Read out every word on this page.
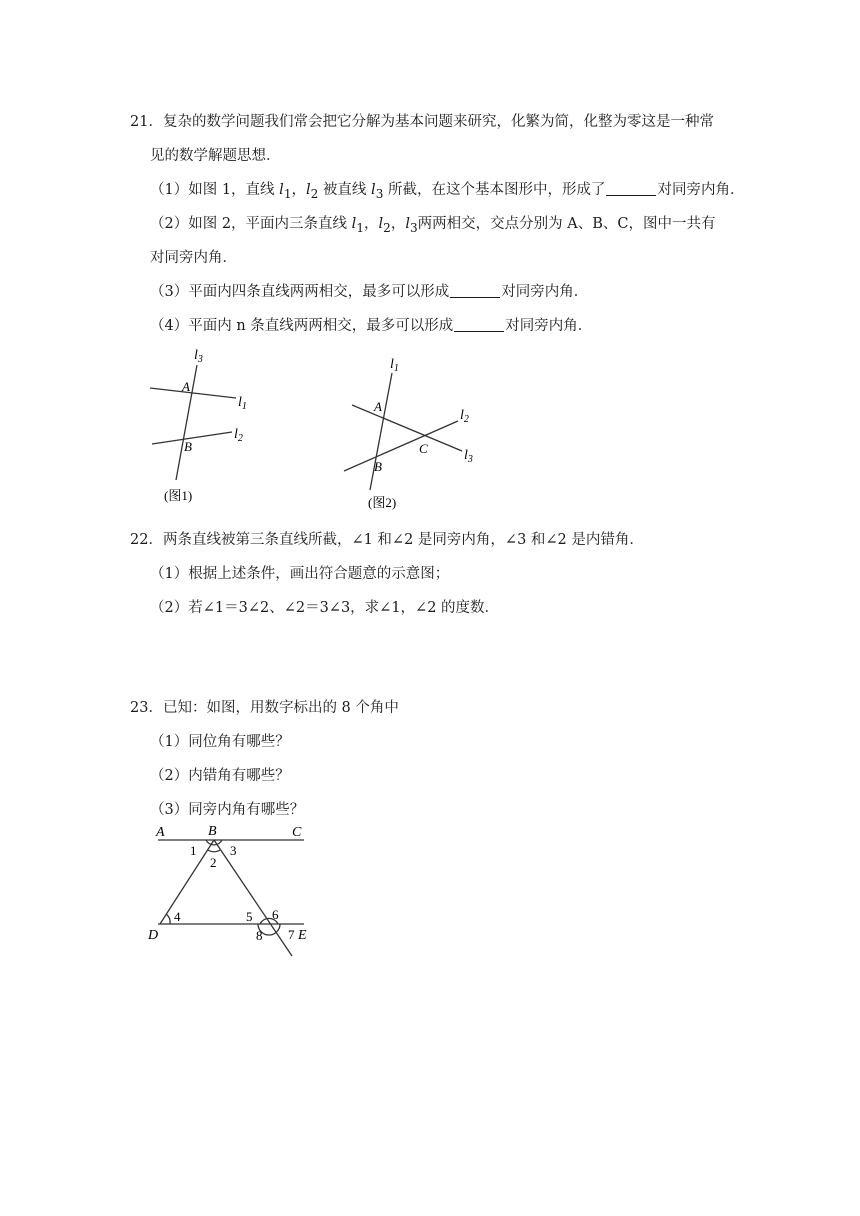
21．复杂的数学问题我们常会把它分解为基本问题来研究，化繁为简，化整为零这是一种常
见的数学解题思想．
（1）如图 1，直线 $l_1$，$l_2$ 被直线 $l_3$ 所截，在这个基本图形中，形成了	对同旁内角．
（2）如图 2，平面内三条直线 $l_1$，$l_2$，$l_3$两两相交，交点分别为 A、B、C，图中一共有
对同旁内角．
（3）平面内四条直线两两相交，最多可以形成	对同旁内角．
（4）平面内 n 条直线两两相交，最多可以形成	对同旁内角．
$l_3$
$l_1$
$l_2$
A
B
(图1)
$l_1$
$l_2$
$l_3$
A
B
C
(图2)
22．两条直线被第三条直线所截，∠1 和∠2 是同旁内角，∠3 和∠2 是内错角．
（1）根据上述条件，画出符合题意的示意图；
（2）若∠1＝3∠2、∠2＝3∠3，求∠1，∠2 的度数．
23．已知：如图，用数字标出的 8 个角中
（1）同位角有哪些？
（2）内错角有哪些？
（3）同旁内角有哪些？
A	B	C
D	E
1
2
3
4	5 6
7
8
